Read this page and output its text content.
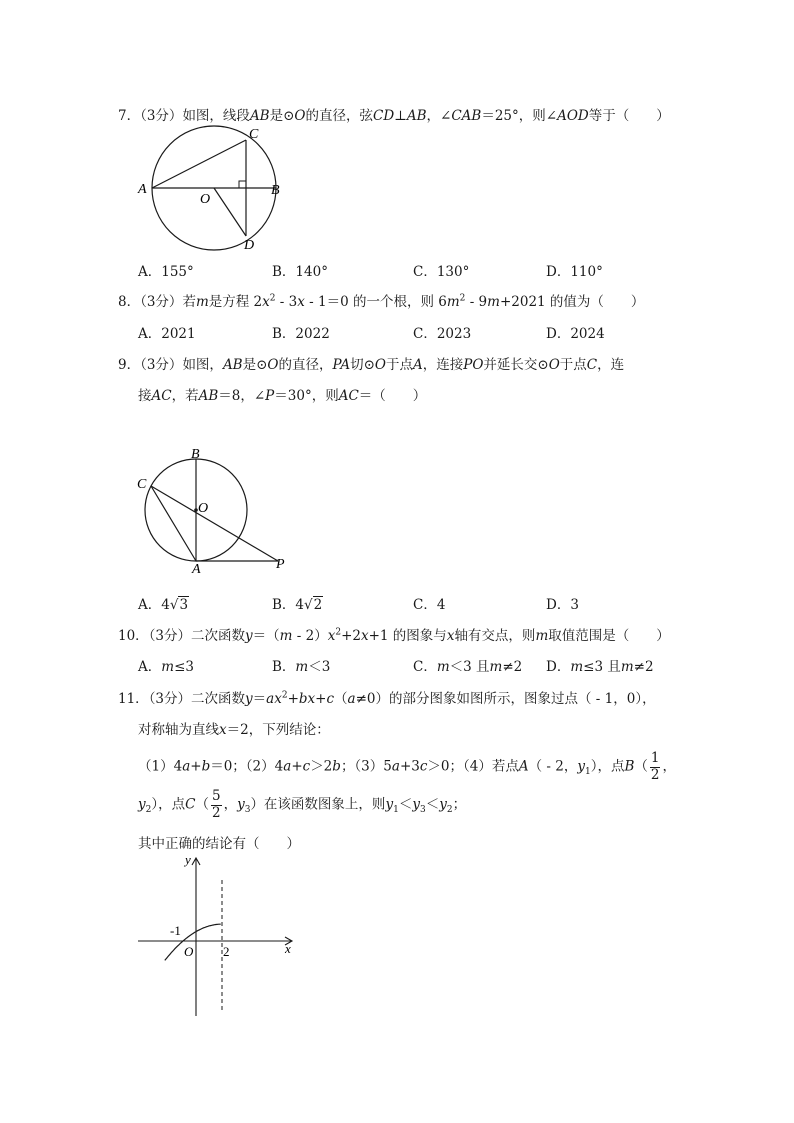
7．（3分）如图，线段AB是⊙O的直径，弦CD⊥AB，∠CAB＝25°，则∠AOD等于（　　）
A
C
B
O
D
A．155°	B．140°	C．130°	D．110°
8．（3分）若m是方程 $2x^2 - 3x - 1=0$ 的一个根，则 $6m^2 - 9m+2021$ 的值为（　　）
A．2021	B．2022	C．2023	D．2024
9．（3分）如图，AB是⊙O的直径，PA切⊙O于点A，连接PO并延长交⊙O于点C，连
接AC，若AB＝8，∠P＝30°，则AC＝（　　）
B
C
O
A	P
A．4√3	B．4√2	C．4	D．3
10．（3分）二次函数$y=(m - 2)x^2+2x+1$ 的图象与x轴有交点，则m取值范围是（　　）
A．m≤3	B．m＜3	C．m＜3 且m≠2 D．m≤3 且m≠2
11．（3分）二次函数$y=ax^2+bx+c(a\ne 0)$的部分图象如图所示，图象过点（ - 1，0），
对称轴为直线x＝2，下列结论：
（1）4a+b＝0；（2）4a+c＞2b；（3）5a+3c＞0；（4）若点A（ - 2，$y_1$），点$B( \frac{1}{2}$ ，
$y_2$），点$C( \frac{5}{2}$ ，$y_3$）在该函数图象上，则$y_1<y_3<y_2$；
其中正确的结论有（　　）
y
x
-1
O 2
